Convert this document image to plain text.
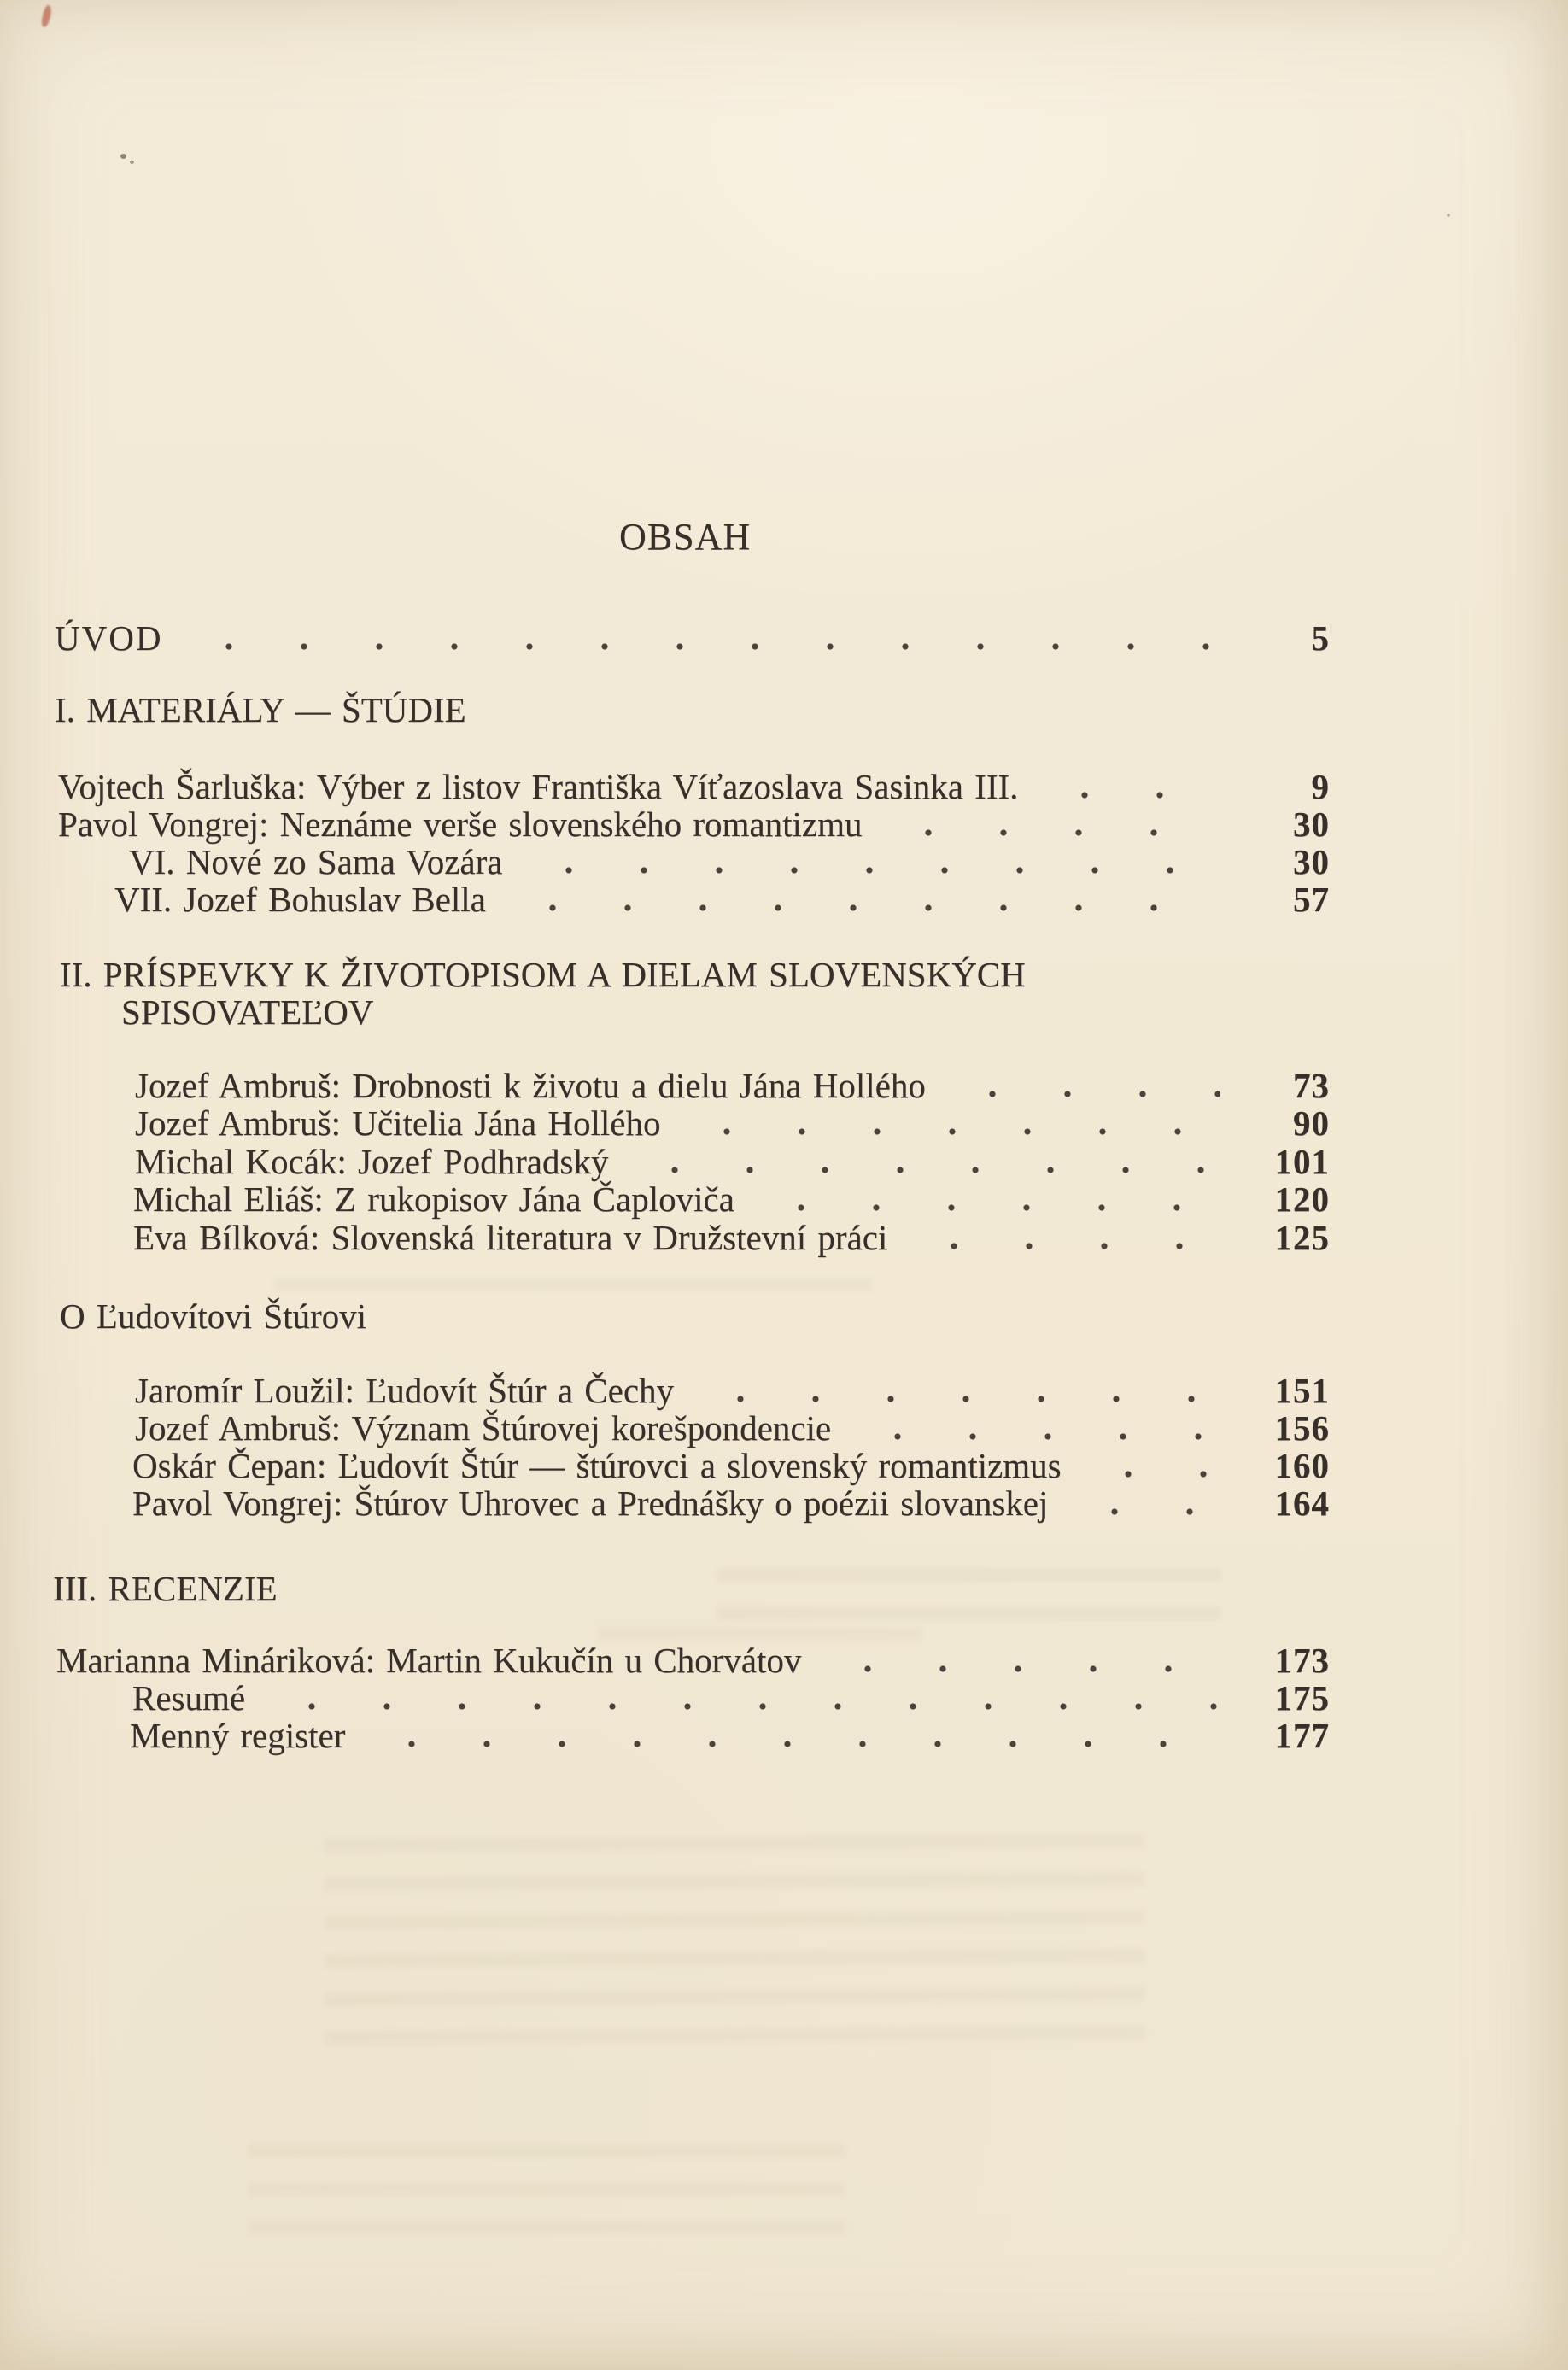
OBSAH
ÚVOD	5
I. MATERIÁLY — ŠTÚDIE
Vojtech Šarluška: Výber z listov Františka Víťazoslava Sasinka III.	9
Pavol Vongrej: Neznáme verše slovenského romantizmu	30
VI. Nové zo Sama Vozára	30
VII. Jozef Bohuslav Bella	57
II. PRÍSPEVKY K ŽIVOTOPISOM A DIELAM SLOVENSKÝCH
SPISOVATEĽOV
Jozef Ambruš: Drobnosti k životu a dielu Jána Hollého	73
Jozef Ambruš: Učitelia Jána Hollého	90
Michal Kocák: Jozef Podhradský	101
Michal Eliáš: Z rukopisov Jána Čaploviča	120
Eva Bílková: Slovenská literatura v Družstevní práci	125
O Ľudovítovi Štúrovi
Jaromír Loužil: Ľudovít Štúr a Čechy	151
Jozef Ambruš: Význam Štúrovej korešpondencie	156
Oskár Čepan: Ľudovít Štúr — štúrovci a slovenský romantizmus	160
Pavol Vongrej: Štúrov Uhrovec a Prednášky o poézii slovanskej	164
III. RECENZIE
Marianna Mináriková: Martin Kukučín u Chorvátov	173
Resumé	175
Menný register	177
